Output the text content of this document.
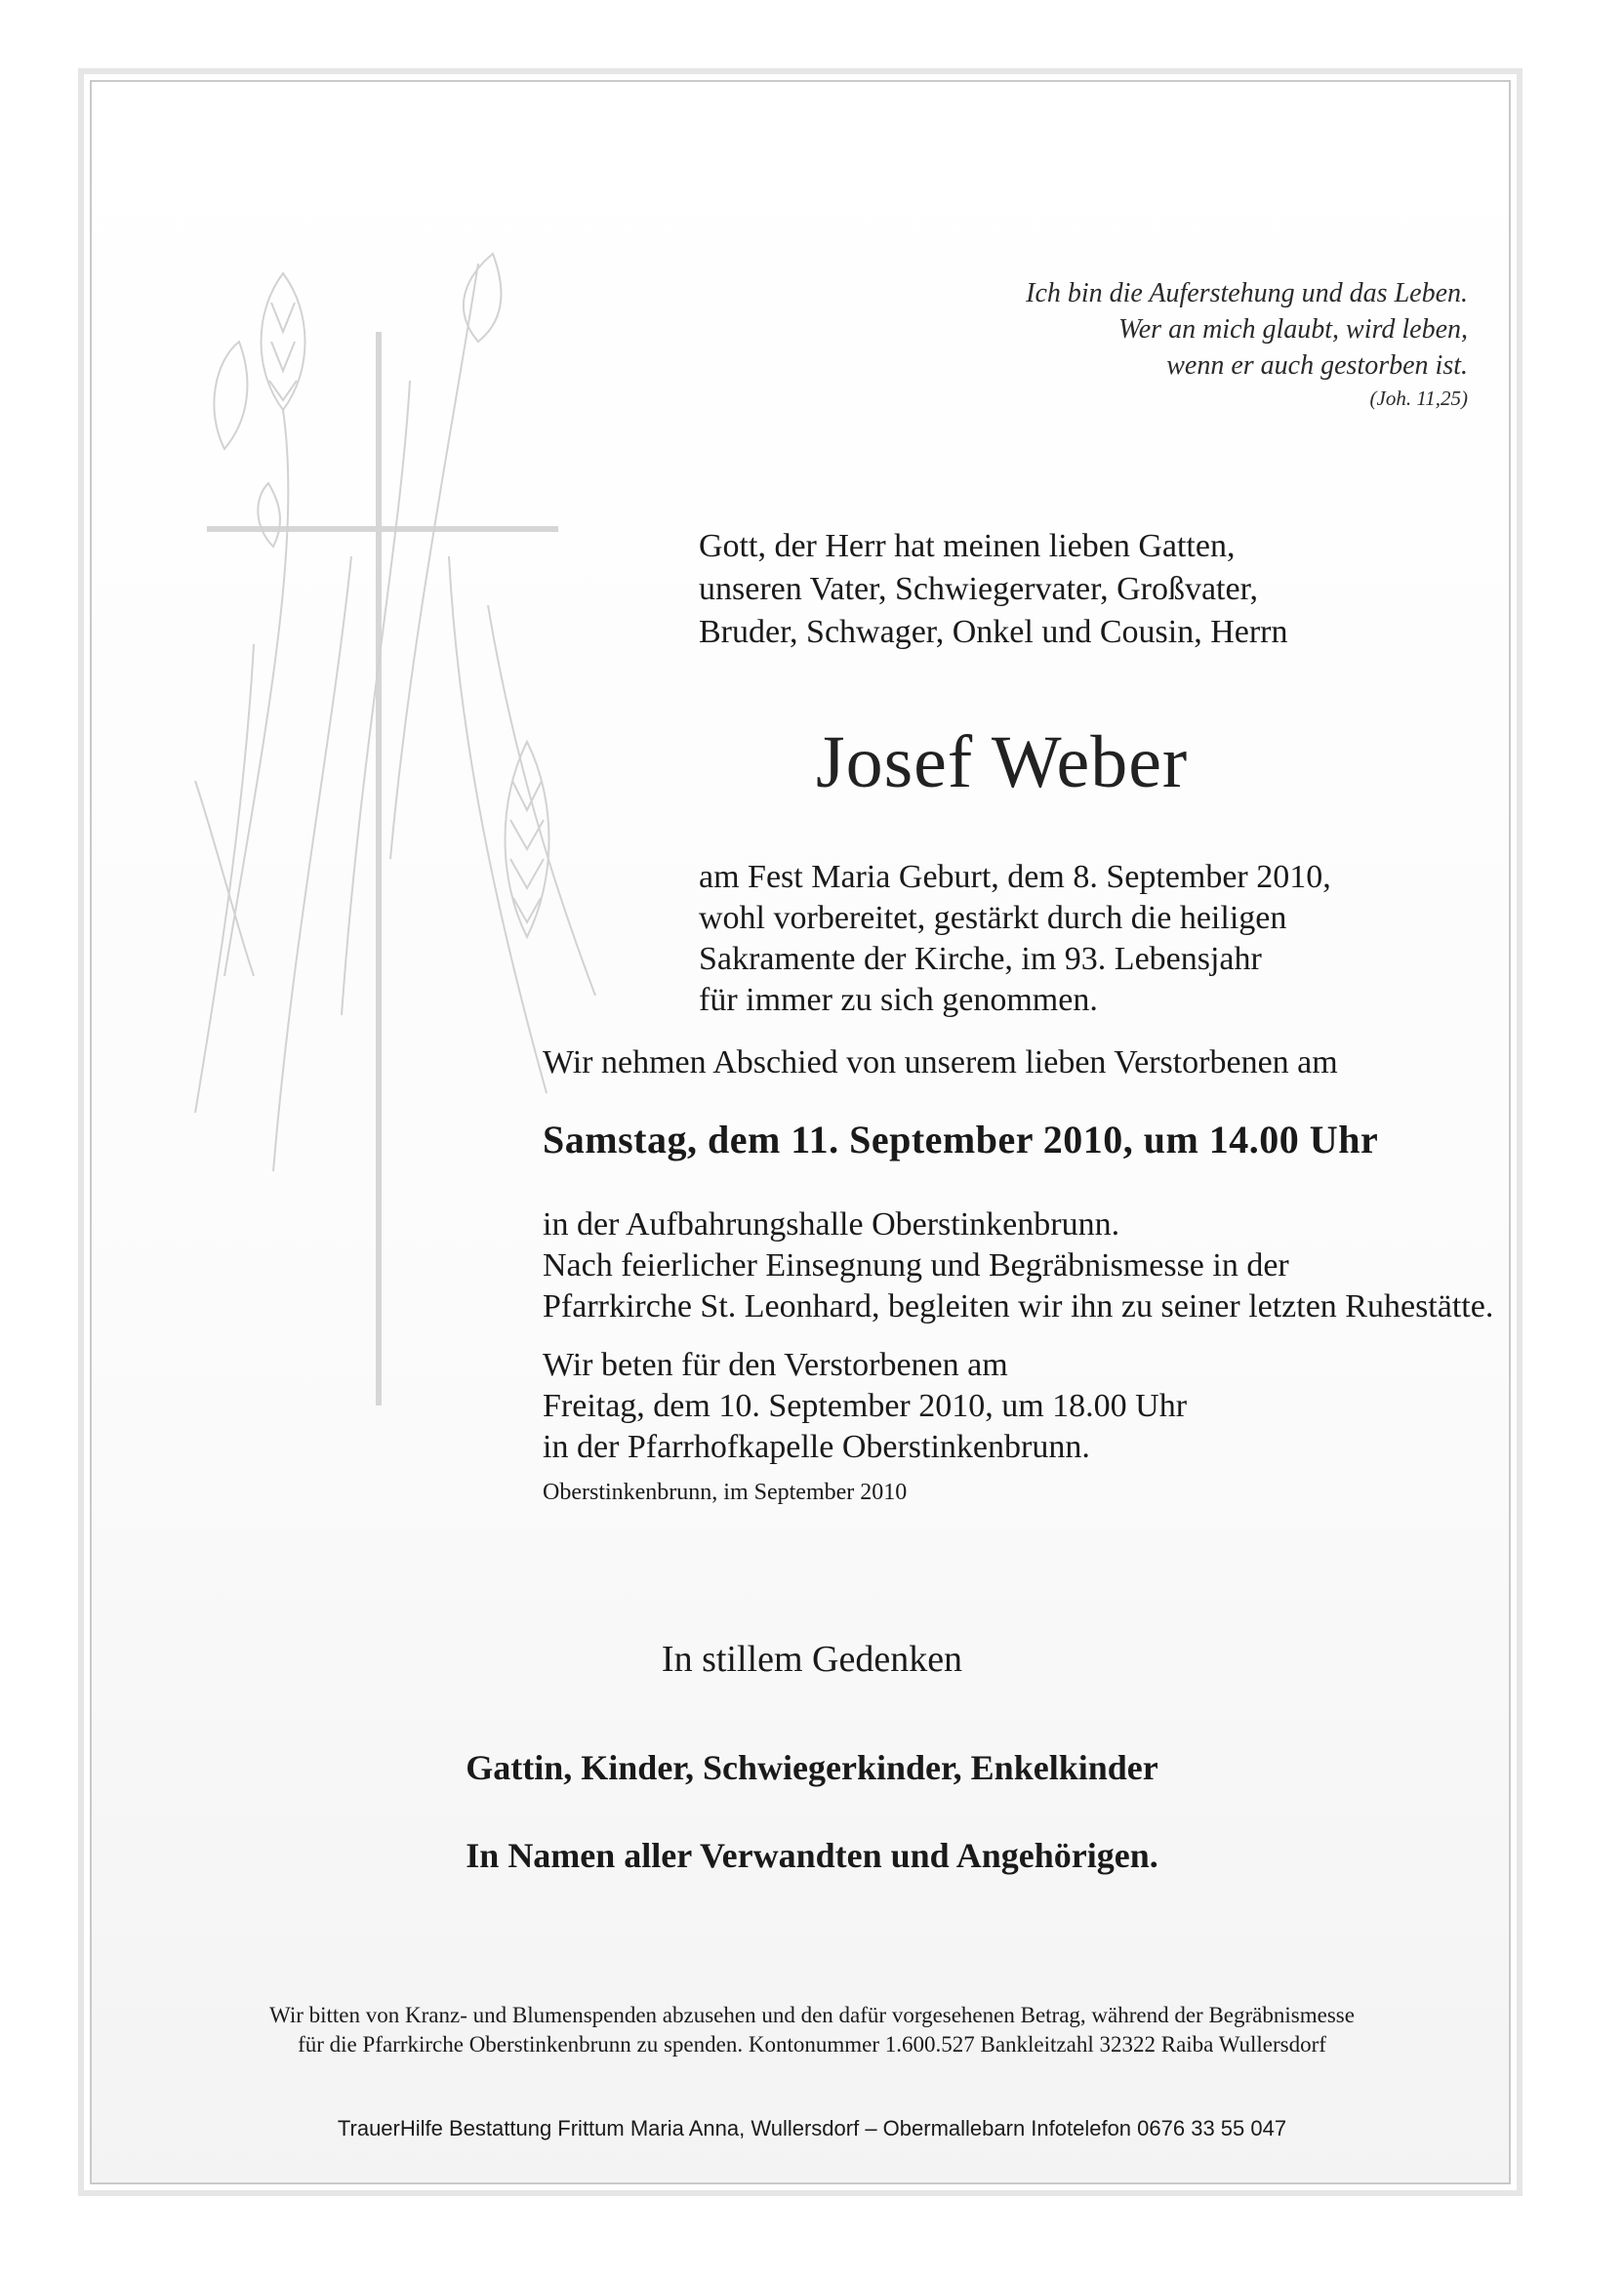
Ich bin die Auferstehung und das Leben.
Wer an mich glaubt, wird leben,
wenn er auch gestorben ist.
(Joh. 11,25)
Gott, der Herr hat meinen lieben Gatten,
unseren Vater, Schwiegervater, Großvater,
Bruder, Schwager, Onkel und Cousin, Herrn
Josef Weber
am Fest Maria Geburt, dem 8. September 2010,
wohl vorbereitet, gestärkt durch die heiligen
Sakramente der Kirche, im 93. Lebensjahr
für immer zu sich genommen.

Wir nehmen Abschied von unserem lieben Verstorbenen am

Samstag, dem 11. September 2010, um 14.00 Uhr

in der Aufbahrungshalle Oberstinkenbrunn.
Nach feierlicher Einsegnung und Begräbnismesse in der
Pfarrkirche St. Leonhard, begleiten wir ihn zu seiner letzten Ruhestätte.
Wir beten für den Verstorbenen am
Freitag, dem 10. September 2010, um 18.00 Uhr
in der Pfarrhofkapelle Oberstinkenbrunn.

Oberstinkenbrunn, im September 2010

In stillem Gedenken

Gattin, Kinder, Schwiegerkinder, Enkelkinder

In Namen aller Verwandten und Angehörigen.

Wir bitten von Kranz- und Blumenspenden abzusehen und den dafür vorgesehenen Betrag, während der Begräbnismesse
für die Pfarrkirche Oberstinkenbrunn zu spenden. Kontonummer 1.600.527 Bankleitzahl 32322 Raiba Wullersdorf

TrauerHilfe Bestattung Frittum Maria Anna, Wullersdorf – Obermallebarn Infotelefon 0676 33 55 047
